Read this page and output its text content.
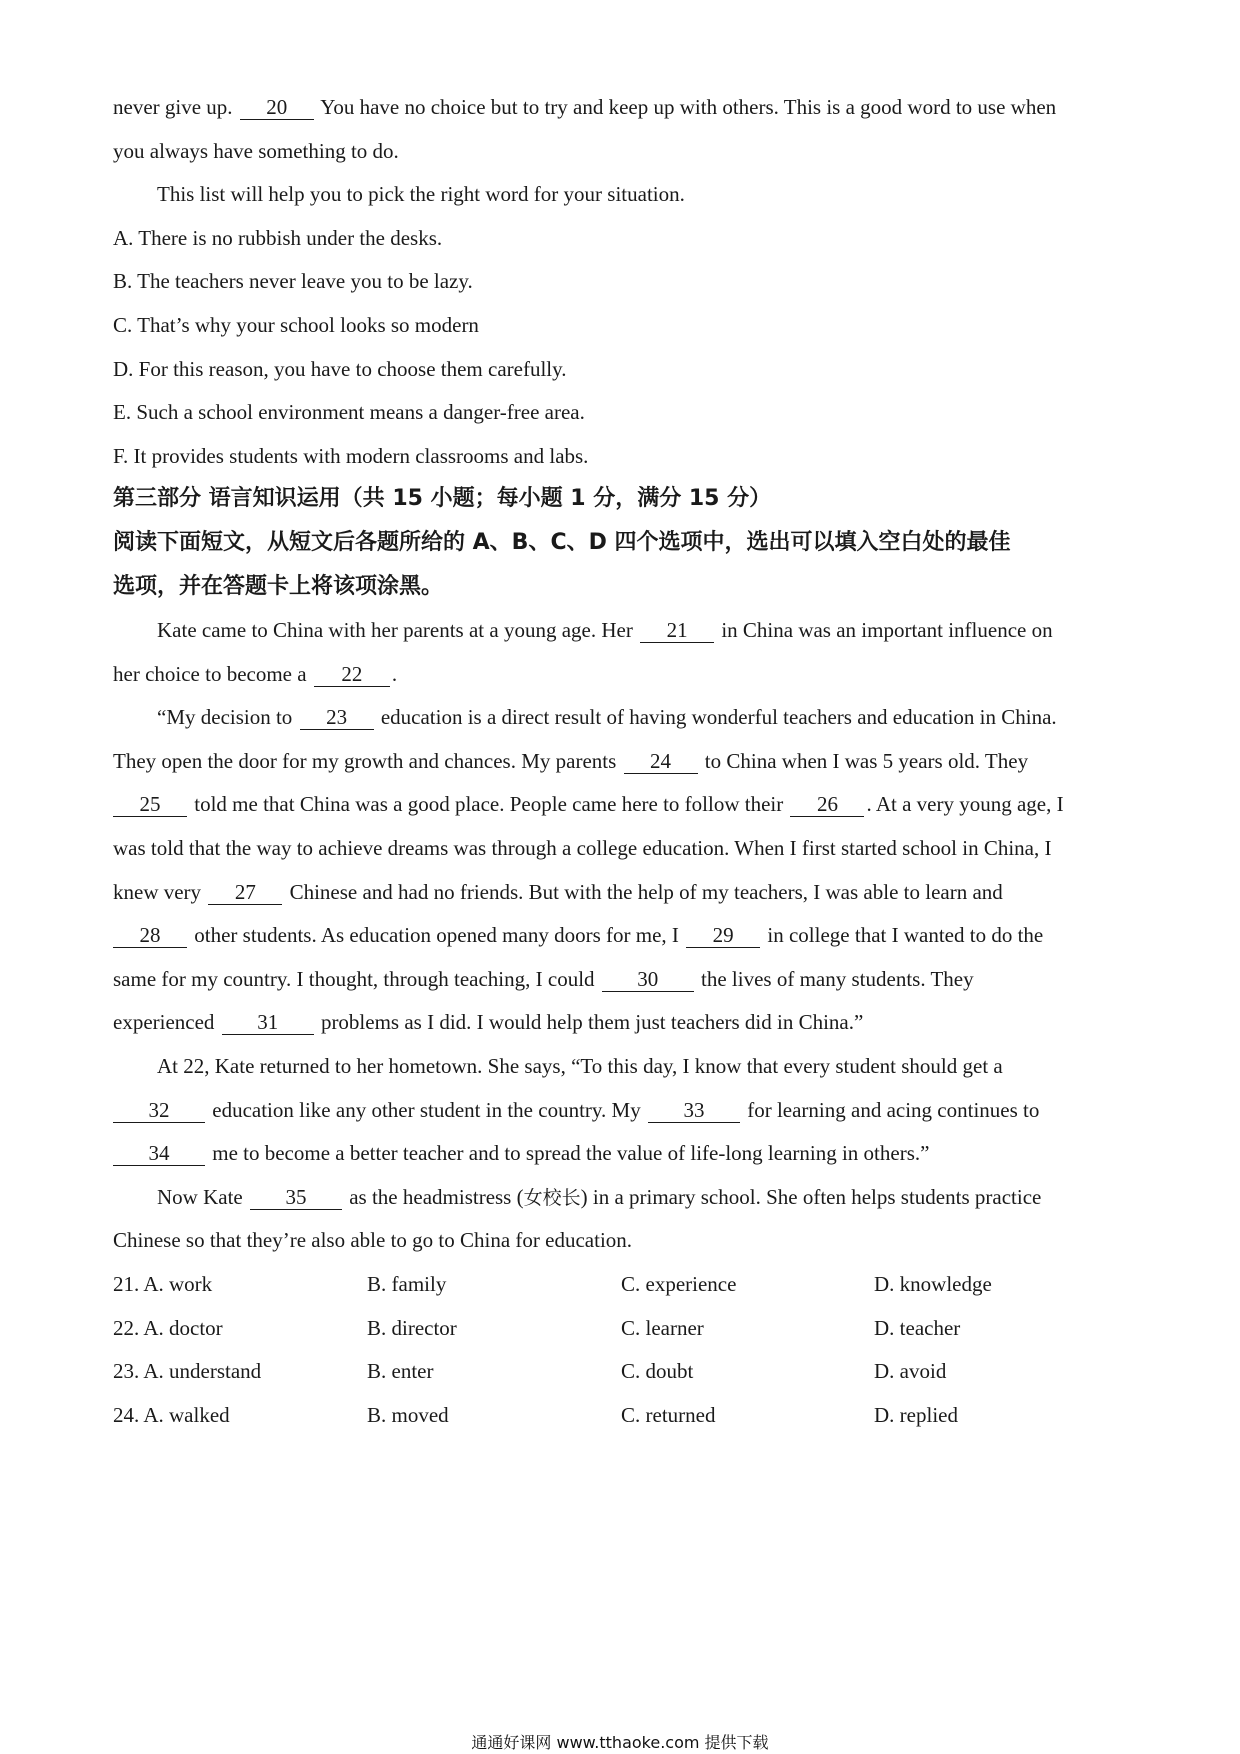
never give up. 20 You have no choice but to try and keep up with others. This is a good word to use when
you always have something to do.
This list will help you to pick the right word for your situation.
A. There is no rubbish under the desks.
B. The teachers never leave you to be lazy.
C. That’s why your school looks so modern
D. For this reason, you have to choose them carefully.
E. Such a school environment means a danger-free area.
F. It provides students with modern classrooms and labs.
第三部分 语言知识运用（共 15 小题；每小题 1 分，满分 15 分）
阅读下面短文，从短文后各题所给的 A、B、C、D 四个选项中，选出可以填入空白处的最佳
选项，并在答题卡上将该项涂黑。
Kate came to China with her parents at a young age. Her 21 in China was an important influence on
her choice to become a 22 .
“My decision to 23 education is a direct result of having wonderful teachers and education in China.
They open the door for my growth and chances. My parents 24 to China when I was 5 years old. They
25 told me that China was a good place. People came here to follow their 26 . At a very young age, I
was told that the way to achieve dreams was through a college education. When I first started school in China, I
knew very 27 Chinese and had no friends. But with the help of my teachers, I was able to learn and
28 other students. As education opened many doors for me, I 29 in college that I wanted to do the
same for my country. I thought, through teaching, I could 30 the lives of many students. They
experienced 31 problems as I did. I would help them just teachers did in China.”
At 22, Kate returned to her hometown. She says, “To this day, I know that every student should get a
32 education like any other student in the country. My 33 for learning and acing continues to
34 me to become a better teacher and to spread the value of life-long learning in others.”
Now Kate 35 as the headmistress (女校长) in a primary school. She often helps students practice
Chinese so that they’re also able to go to China for education.
21. A. work	B. family	C. experience	D. knowledge
22. A. doctor	B. director	C. learner	D. teacher
23. A. understand	B. enter	C. doubt	D. avoid
24. A. walked	B. moved	C. returned	D. replied
通通好课网 www.tthaoke.com 提供下载
